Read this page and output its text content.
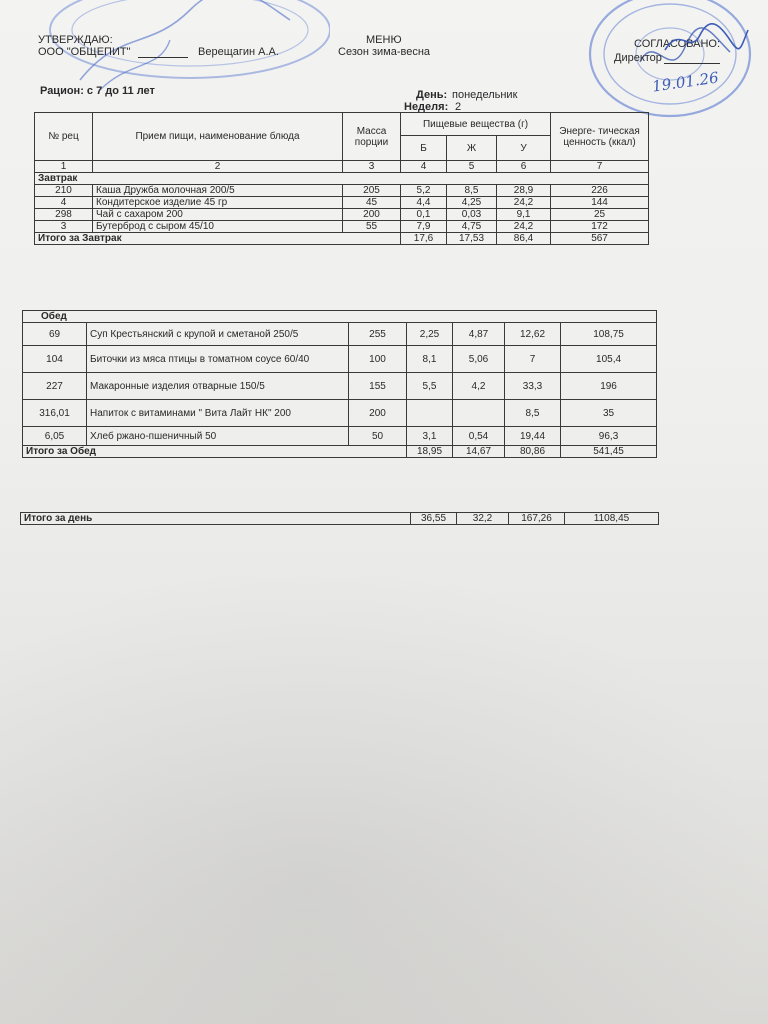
УТВЕРЖДАЮ:
ООО "ОБЩЕПИТ"	Верещагин А.А.
МЕНЮ
Сезон зима-весна
СОГЛАСОВАНО:
Директор
19.01.26
Рацион: с 7 до 11 лет	День: понедельник
Неделя: 2
№ рец	Прием пищи, наименование блюда	Масса порции	Пищевые вещества (г)			Энерге- тическая ценность (ккал)
			Б	Ж	У	
1	2	3	4	5	6	7
Завтрак						
210	Каша Дружба молочная 200/5	205	5,2	8,5	28,9	226
4	Кондитерское изделие 45 гр	45	4,4	4,25	24,2	144
298	Чай с сахаром 200	200	0,1	0,03	9,1	25
3	Бутерброд с сыром 45/10	55	7,9	4,75	24,2	172
Итого за Завтрак			17,6	17,53	86,4	567
Обед						
69	Суп Крестьянский с крупой и сметаной 250/5	255	2,25	4,87	12,62	108,75
104	Биточки из мяса птицы в томатном соусе 60/40	100	8,1	5,06	7	105,4
227	Макаронные изделия отварные 150/5	155	5,5	4,2	33,3	196
316,01	Напиток с витаминами " Вита Лайт НК" 200	200			8,5	35
6,05	Хлеб ржано-пшеничный 50	50	3,1	0,54	19,44	96,3
Итого за Обед			18,95	14,67	80,86	541,45
Итого за день	36,55	32,2	167,26	1108,45
